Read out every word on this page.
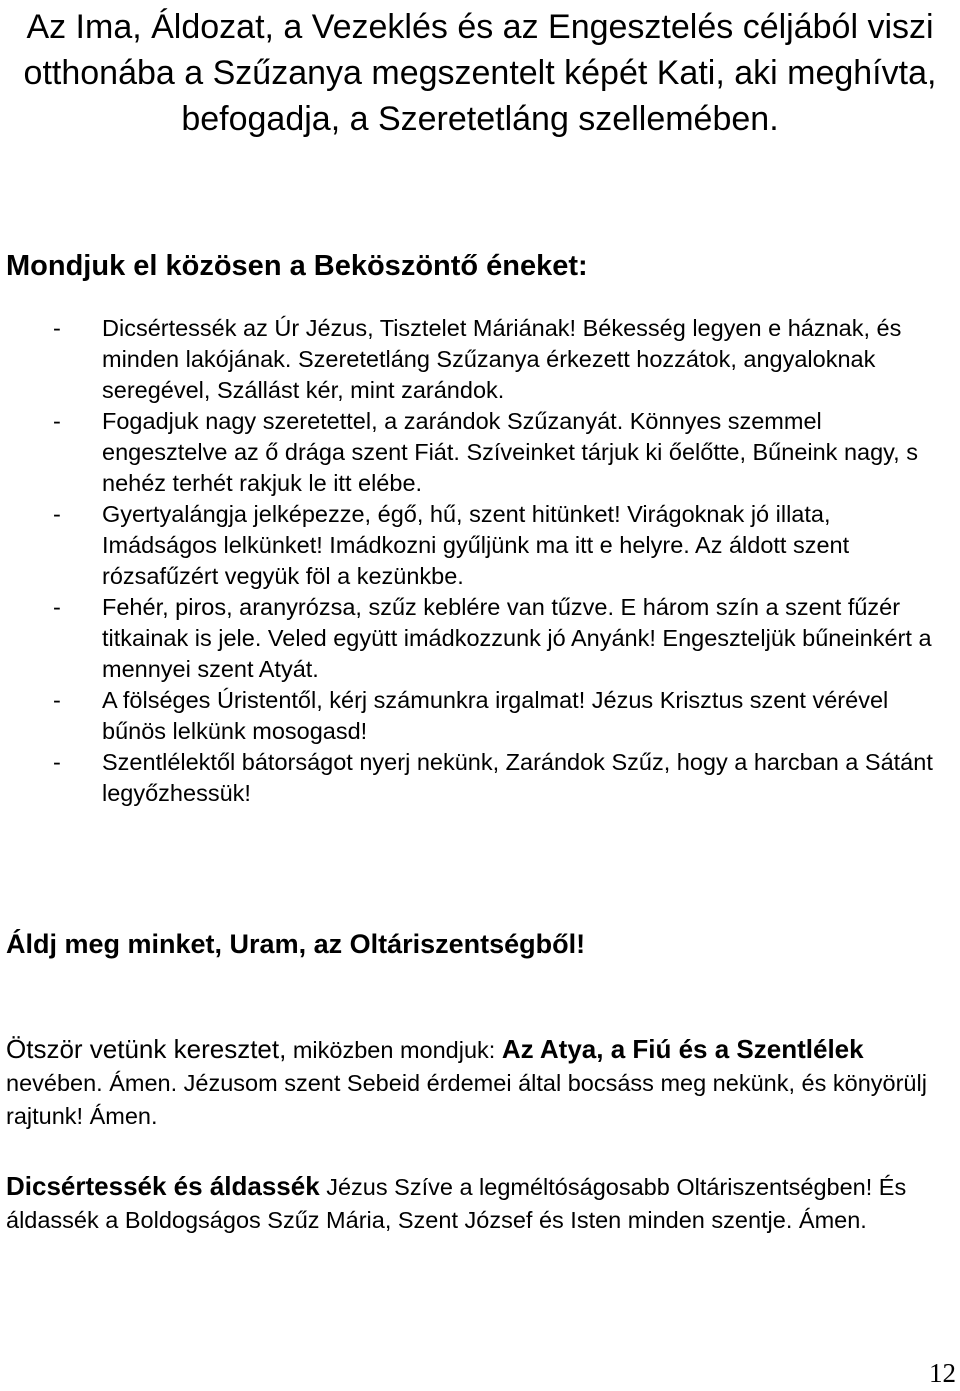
Az Ima, Áldozat, a Vezeklés és az Engesztelés céljából viszi otthonába a Szűzanya megszentelt képét Kati, aki meghívta, befogadja, a Szeretetláng szellemében.

Mondjuk el közösen a Beköszöntő éneket:
- Dicsértessék az Úr Jézus, Tisztelet Máriának! Békesség legyen e háznak, és minden lakójának. Szeretetláng Szűzanya érkezett hozzátok, angyaloknak seregével, Szállást kér, mint zarándok.
- Fogadjuk nagy szeretettel, a zarándok Szűzanyát. Könnyes szemmel engesztelve az ő drága szent Fiát. Szíveinket tárjuk ki őelőtte, Bűneink nagy, s nehéz terhét rakjuk le itt elébe.
- Gyertyalángja jelképezze, égő, hű, szent hitünket! Virágoknak jó illata, Imádságos lelkünket! Imádkozni gyűljünk ma itt e helyre. Az áldott szent rózsafűzért vegyük föl a kezünkbe.
- Fehér, piros, aranyrózsa, szűz keblére van tűzve. E három szín a szent fűzér titkainak is jele. Veled együtt imádkozzunk jó Anyánk! Engeszteljük bűneinkért a mennyei szent Atyát.
- A fölséges Úristentől, kérj számunkra irgalmat! Jézus Krisztus szent vérével bűnös lelkünk mosogasd!
- Szentlélektől bátorságot nyerj nekünk, Zarándok Szűz, hogy a harcban a Sátánt legyőzhessük!
Áldj meg minket, Uram, az Oltáriszentségből!

Ötször vetünk keresztet, miközben mondjuk: Az Atya, a Fiú és a Szentlélek nevében. Ámen. Jézusom szent Sebeid érdemei által bocsáss meg nekünk, és könyörülj rajtunk! Ámen.

Dicsértessék és áldassék Jézus Szíve a legméltóságosabb Oltáriszentségben! És áldassék a Boldogságos Szűz Mária, Szent József és Isten minden szentje. Ámen.

12
